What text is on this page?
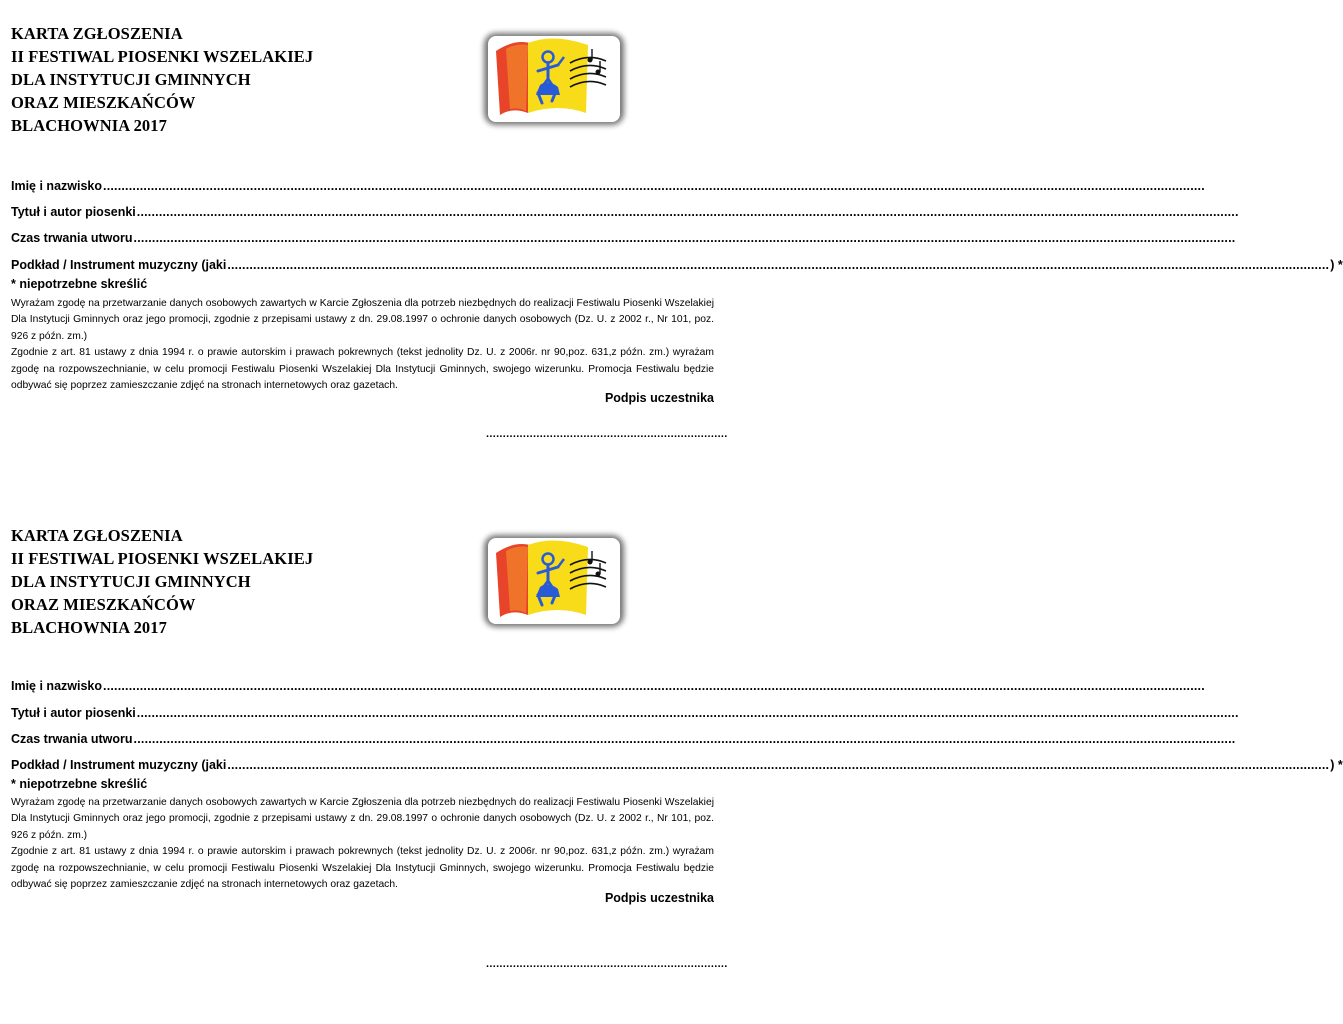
KARTA ZGŁOSZENIA
II FESTIWAL PIOSENKI WSZELAKIEJ
DLA INSTYTUCJI GMINNYCH
ORAZ MIESZKAŃCÓW
BLACHOWNIA 2017
Imię i nazwisko
.....
Tytuł i autor piosenki
.....
Czas trwania utworu
.....
Podkład / Instrument muzyczny (jaki .....	) *
* niepotrzebne skreślić

Wyrażam zgodę na przetwarzanie danych osobowych zawartych w Karcie Zgłoszenia dla potrzeb niezbędnych do realizacji Festiwalu Piosenki Wszelakiej Dla Instytucji Gminnych oraz jego promocji, zgodnie z przepisami ustawy z dn. 29.08.1997 o ochronie danych osobowych (Dz. U. z 2002 r., Nr 101, poz. 926 z późn. zm.)

Zgodnie z art. 81 ustawy z dnia 1994 r. o prawie autorskim i prawach pokrewnych (tekst jednolity Dz. U. z 2006r. nr 90,poz. 631,z późn. zm.) wyrażam zgodę na rozpowszechnianie, w celu promocji Festiwalu Piosenki Wszelakiej Dla Instytucji Gminnych, swojego wizerunku. Promocja Festiwalu będzie odbywać się poprzez zamieszczanie zdjęć na stronach internetowych oraz gazetach.

Podpis uczestnika
........................................................................
KARTA ZGŁOSZENIA
II FESTIWAL PIOSENKI WSZELAKIEJ
DLA INSTYTUCJI GMINNYCH
ORAZ MIESZKAŃCÓW
BLACHOWNIA 2017
Imię i nazwisko
.....
Tytuł i autor piosenki
.....
Czas trwania utworu
.....
Podkład / Instrument muzyczny (jaki .....	) *
* niepotrzebne skreślić

Wyrażam zgodę na przetwarzanie danych osobowych zawartych w Karcie Zgłoszenia dla potrzeb niezbędnych do realizacji Festiwalu Piosenki Wszelakiej Dla Instytucji Gminnych oraz jego promocji, zgodnie z przepisami ustawy z dn. 29.08.1997 o ochronie danych osobowych (Dz. U. z 2002 r., Nr 101, poz. 926 z późn. zm.)

Zgodnie z art. 81 ustawy z dnia 1994 r. o prawie autorskim i prawach pokrewnych (tekst jednolity Dz. U. z 2006r. nr 90,poz. 631,z późn. zm.) wyrażam zgodę na rozpowszechnianie, w celu promocji Festiwalu Piosenki Wszelakiej Dla Instytucji Gminnych, swojego wizerunku. Promocja Festiwalu będzie odbywać się poprzez zamieszczanie zdjęć na stronach internetowych oraz gazetach.

Podpis uczestnika
........................................................................
